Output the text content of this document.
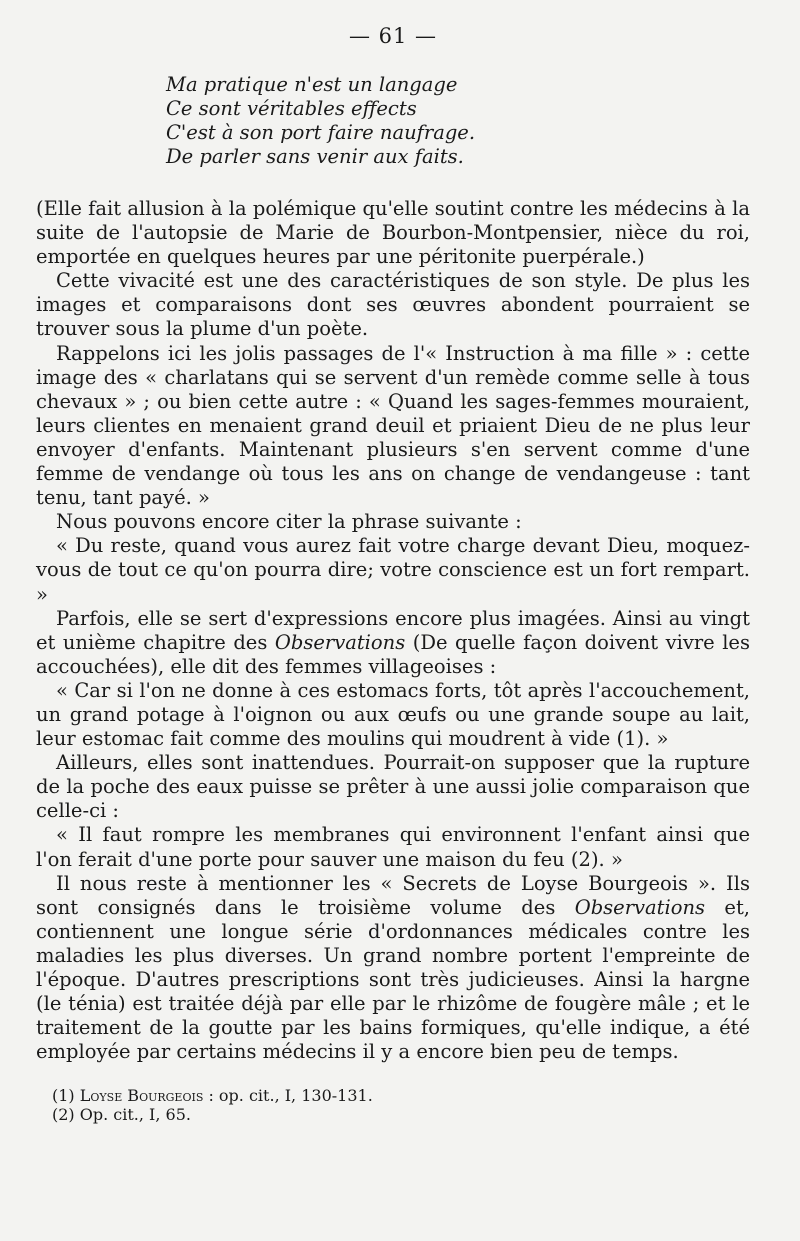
— 61 —
Ma pratique n'est un langage
Ce sont véritables effects
C'est à son port faire naufrage.
De parler sans venir aux faits.

(Elle fait allusion à la polémique qu'elle soutint contre les médecins à la suite de l'autopsie de Marie de Bourbon-Montpensier, nièce du roi, emportée en quelques heures par une péritonite puerpérale.)

Cette vivacité est une des caractéristiques de son style. De plus les images et comparaisons dont ses œuvres abondent pourraient se trouver sous la plume d'un poète.

Rappelons ici les jolis passages de l'« Instruction à ma fille » : cette image des « charlatans qui se servent d'un remède comme selle à tous chevaux » ; ou bien cette autre : « Quand les sages-femmes mouraient, leurs clientes en menaient grand deuil et priaient Dieu de ne plus leur envoyer d'enfants. Maintenant plusieurs s'en servent comme d'une femme de vendange où tous les ans on change de vendangeuse : tant tenu, tant payé. »

Nous pouvons encore citer la phrase suivante :

« Du reste, quand vous aurez fait votre charge devant Dieu, moquez-vous de tout ce qu'on pourra dire; votre conscience est un fort rempart. »

Parfois, elle se sert d'expressions encore plus imagées. Ainsi au vingt et unième chapitre des Observations (De quelle façon doivent vivre les accouchées), elle dit des femmes villageoises :

« Car si l'on ne donne à ces estomacs forts, tôt après l'accouchement, un grand potage à l'oignon ou aux œufs ou une grande soupe au lait, leur estomac fait comme des moulins qui moudrent à vide (1). »

Ailleurs, elles sont inattendues. Pourrait-on supposer que la rupture de la poche des eaux puisse se prêter à une aussi jolie comparaison que celle-ci :

« Il faut rompre les membranes qui environnent l'enfant ainsi que l'on ferait d'une porte pour sauver une maison du feu (2). »

Il nous reste à mentionner les « Secrets de Loyse Bourgeois ». Ils sont consignés dans le troisième volume des Observations et, contiennent une longue série d'ordonnances médicales contre les maladies les plus diverses. Un grand nombre portent l'empreinte de l'époque. D'autres prescriptions sont très judicieuses. Ainsi la hargne (le ténia) est traitée déjà par elle par le rhizôme de fougère mâle ; et le traitement de la goutte par les bains formiques, qu'elle indique, a été employée par certains médecins il y a encore bien peu de temps.

(1) Loyse Bourgeois : op. cit., I, 130-131.
(2) Op. cit., I, 65.
